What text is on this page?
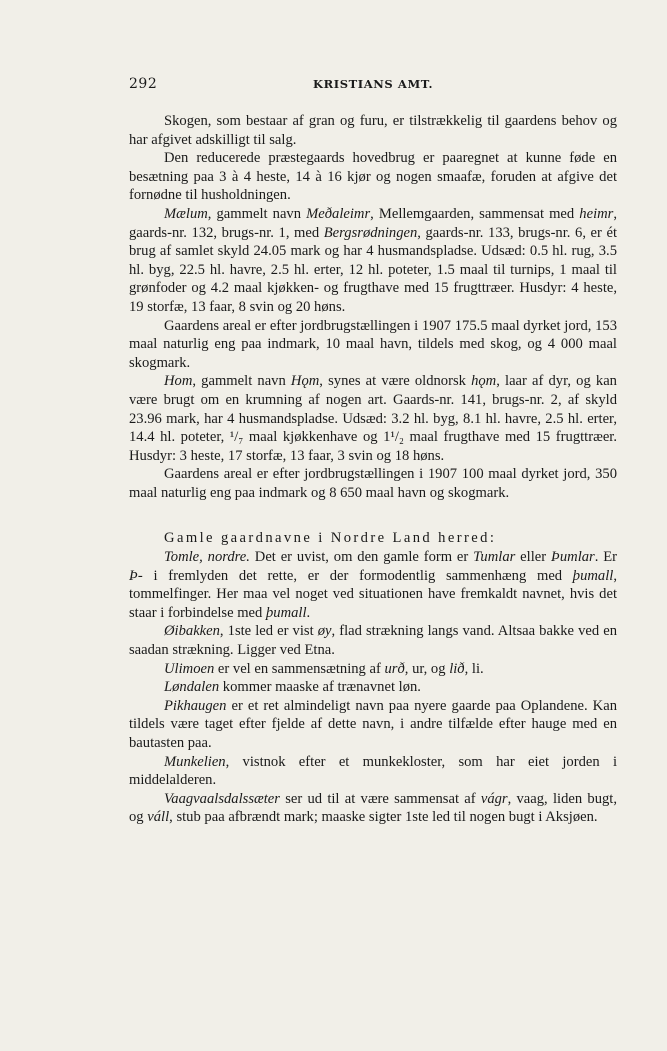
292	KRISTIANS AMT.

Skogen, som bestaar af gran og furu, er tilstrækkelig til gaardens behov og har afgivet adskilligt til salg.

Den reducerede præstegaards hovedbrug er paaregnet at kunne føde en besætning paa 3 à 4 heste, 14 à 16 kjør og nogen smaafæ, foruden at afgive det fornødne til husholdningen.

Mælum, gammelt navn Meðaleimr, Mellemgaarden, sammensat med heimr, gaards-nr. 132, brugs-nr. 1, med Bergsrødningen, gaards-nr. 133, brugs-nr. 6, er ét brug af samlet skyld 24.05 mark og har 4 husmandspladse. Udsæd: 0.5 hl. rug, 3.5 hl. byg, 22.5 hl. havre, 2.5 hl. erter, 12 hl. poteter, 1.5 maal til turnips, 1 maal til grønfoder og 4.2 maal kjøkken- og frugthave med 15 frugttræer. Husdyr: 4 heste, 19 storfæ, 13 faar, 8 svin og 20 høns.

Gaardens areal er efter jordbrugstællingen i 1907 175.5 maal dyrket jord, 153 maal naturlig eng paa indmark, 10 maal havn, tildels med skog, og 4 000 maal skogmark.

Hom, gammelt navn Hǫm, synes at være oldnorsk hǫm, laar af dyr, og kan være brugt om en krumning af nogen art. Gaards-nr. 141, brugs-nr. 2, af skyld 23.96 mark, har 4 husmandspladse. Udsæd: 3.2 hl. byg, 8.1 hl. havre, 2.5 hl. erter, 14.4 hl. poteter, ¹/₇ maal kjøkkenhave og 1¹/₂ maal frugthave med 15 frugttræer. Husdyr: 3 heste, 17 storfæ, 13 faar, 3 svin og 18 høns.

Gaardens areal er efter jordbrugstællingen i 1907 100 maal dyrket jord, 350 maal naturlig eng paa indmark og 8 650 maal havn og skogmark.

Gamle gaardnavne i Nordre Land herred:

Tomle, nordre. Det er uvist, om den gamle form er Tumlar eller Þumlar. Er Þ- i fremlyden det rette, er der formodentlig sammenhæng med þumall, tommelfinger. Her maa vel noget ved situationen have fremkaldt navnet, hvis det staar i forbindelse med þumall.

Øibakken, 1ste led er vist øy, flad strækning langs vand. Altsaa bakke ved en saadan strækning. Ligger ved Etna.

Ulimoen er vel en sammensætning af urð, ur, og lið, li.

Løndalen kommer maaske af trænavnet løn.

Pikhaugen er et ret almindeligt navn paa nyere gaarde paa Oplandene. Kan tildels være taget efter fjelde af dette navn, i andre tilfælde efter hauge med en bautasten paa.

Munkelien, vistnok efter et munkekloster, som har eiet jorden i middelalderen.

Vaagvaalsdalssæter ser ud til at være sammensat af vágr, vaag, liden bugt, og váll, stub paa afbrændt mark; maaske sigter 1ste led til nogen bugt i Aksjøen.
